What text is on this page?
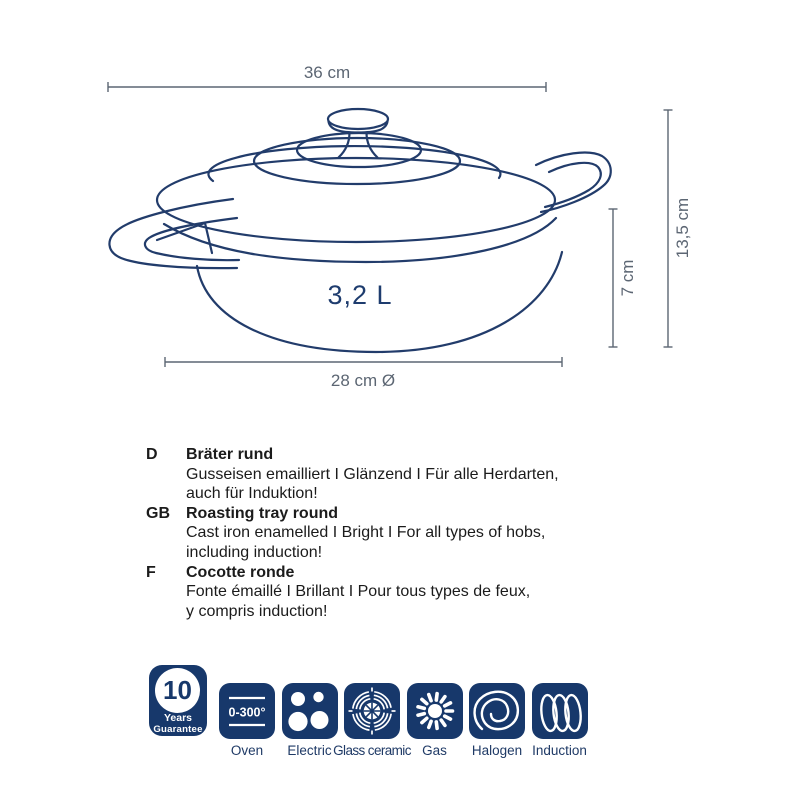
3,2 L
36 cm
28 cm Ø
7 cm
13,5 cm
D	Bräter rund
Gusseisen emailliert I Glänzend I Für alle Herdarten,
auch für Induktion!
GB	Roasting tray round
Cast iron enamelled I Bright I For all types of hobs,
including induction!
F	Cocotte ronde
Fonte émaillé I Brillant I Pour tous types de feux,
y compris induction!
10
Years
Guarantee
0-300°
Oven Electric Glass ceramic Gas Halogen Induction
